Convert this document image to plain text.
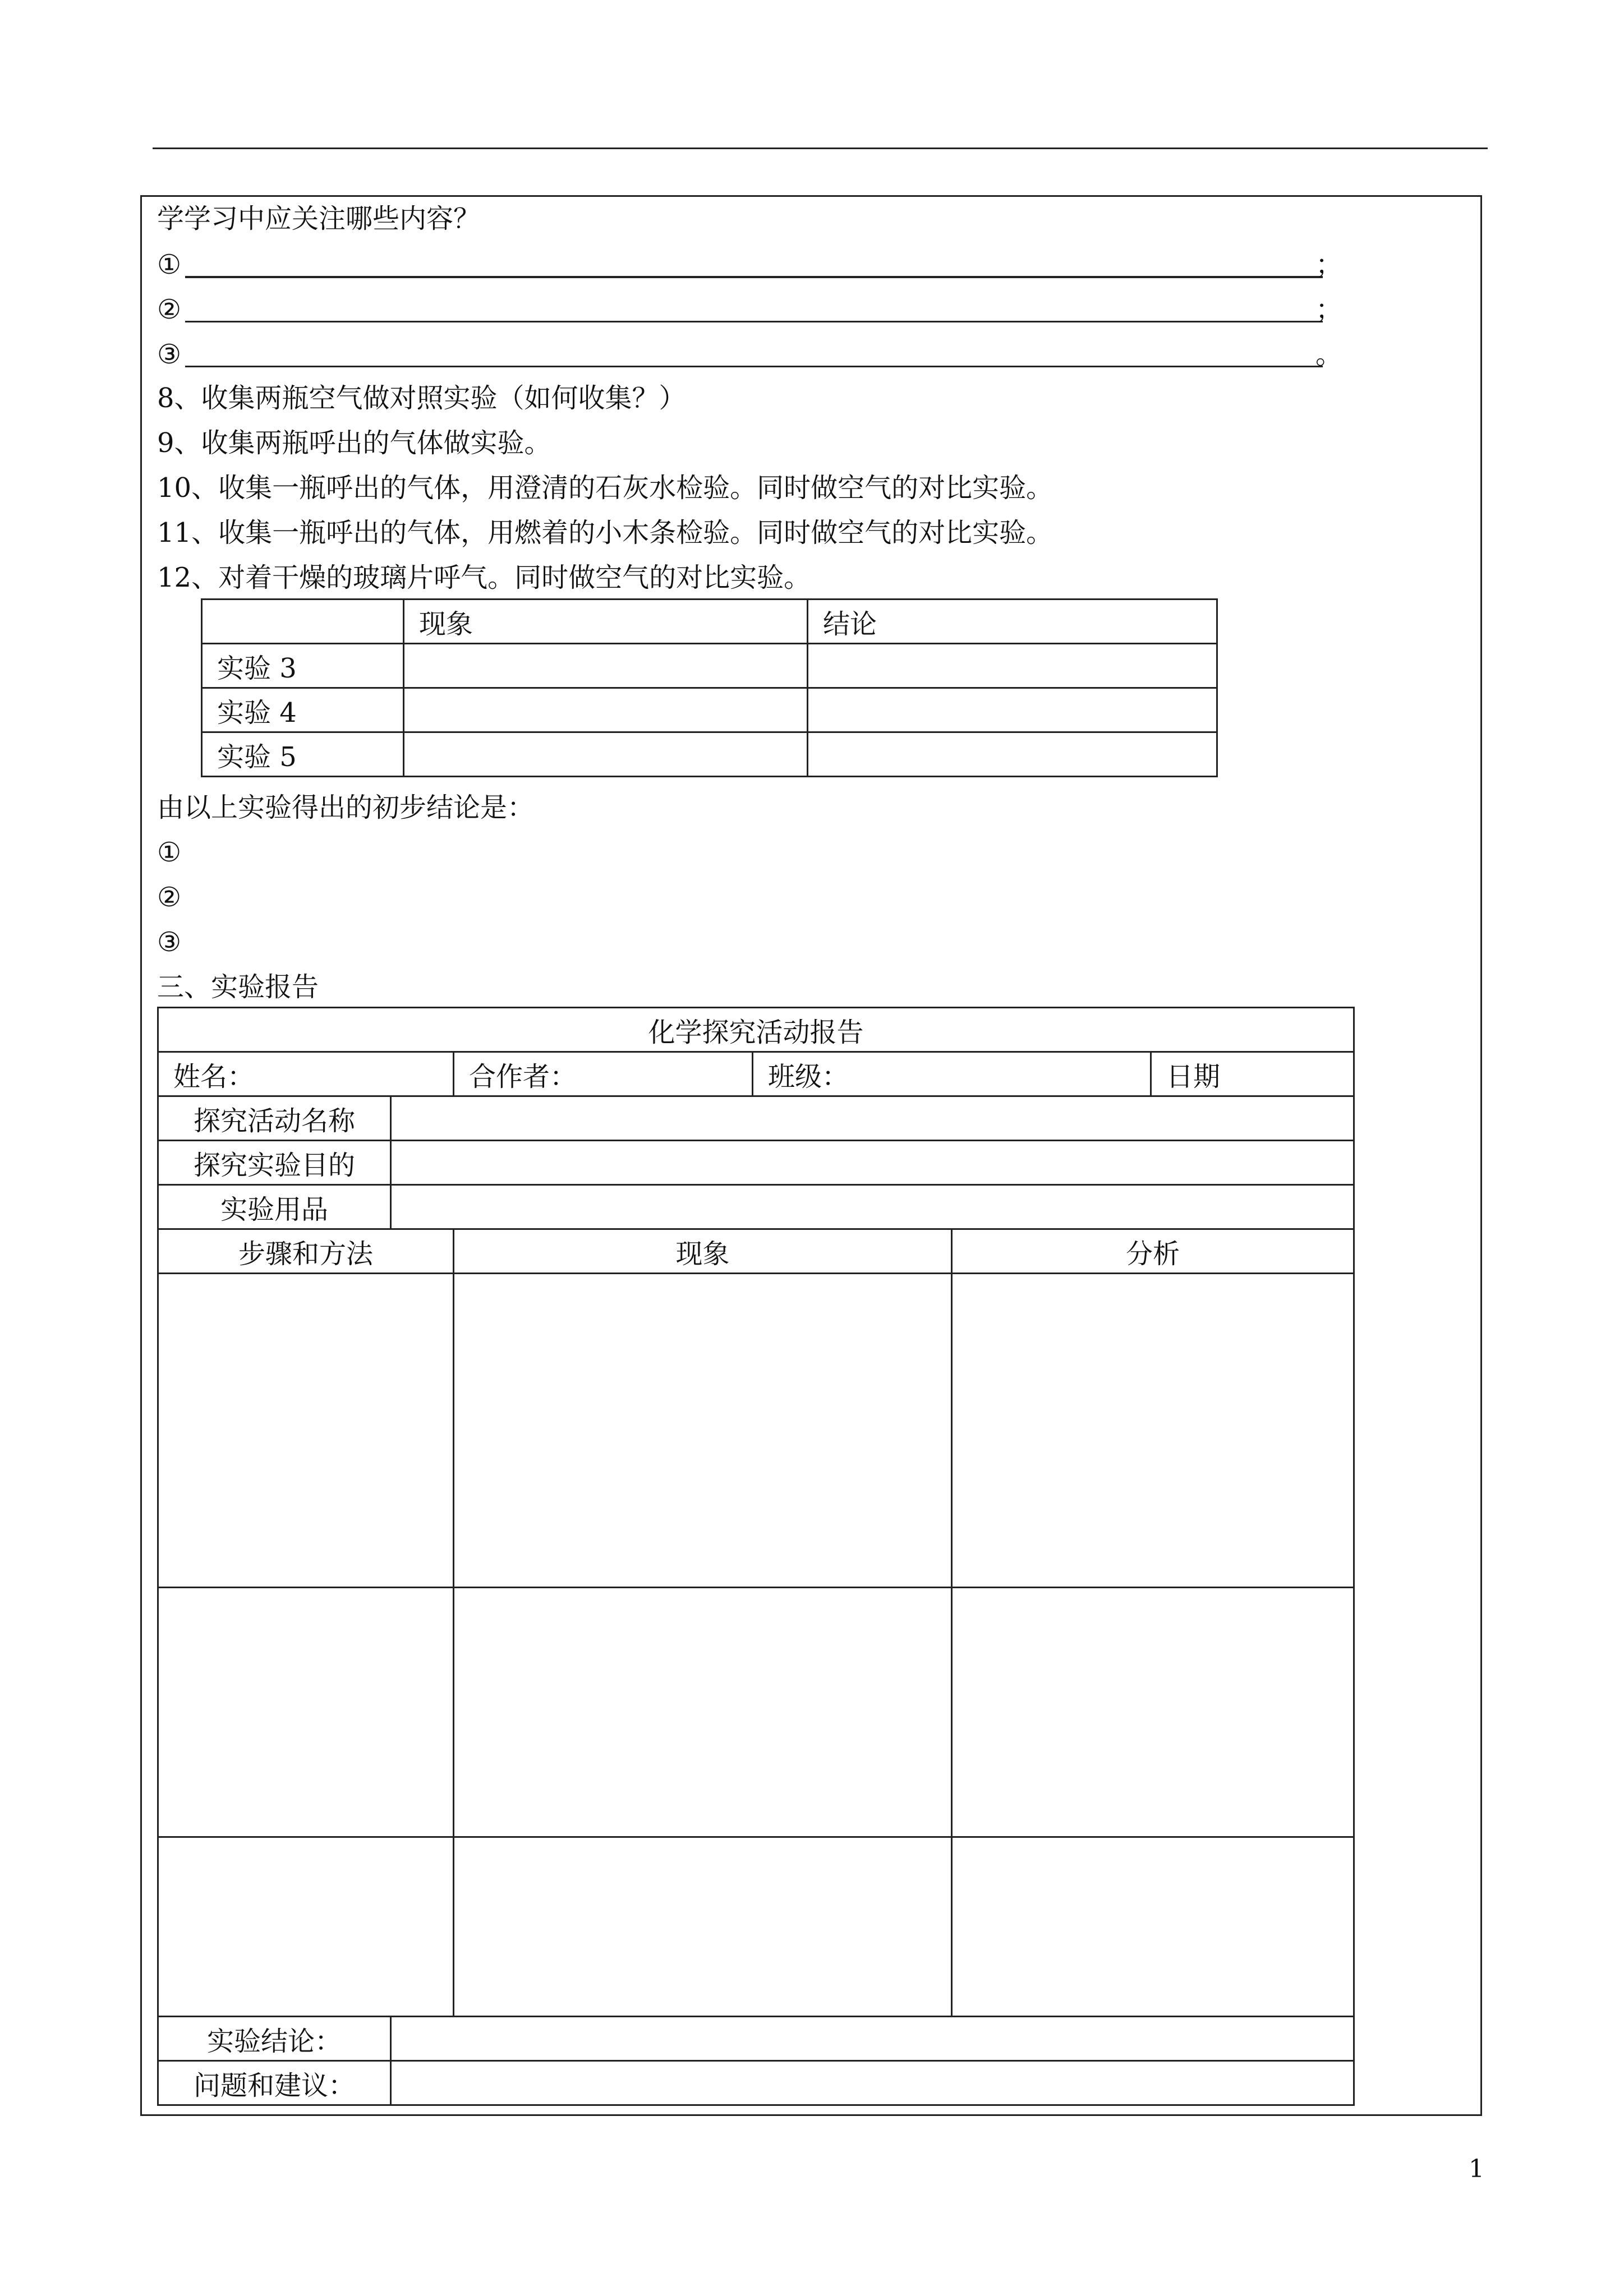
学学习中应关注哪些内容？
①	；
②	；
③	。
8、收集两瓶空气做对照实验（如何收集？）
9、收集两瓶呼出的气体做实验。
10、收集一瓶呼出的气体，用澄清的石灰水检验。同时做空气的对比实验。
11、收集一瓶呼出的气体，用燃着的小木条检验。同时做空气的对比实验。
12、对着干燥的玻璃片呼气。同时做空气的对比实验。
	现象	结论
实验 3		
实验 4		
实验 5		
由以上实验得出的初步结论是：
①
②
③
三、实验报告
化学探究活动报告					
姓名：		合作者：	班级：		日期
探究活动名称					
探究实验目的					
实验用品					
步骤和方法		现象		分析	

实验结论：					
问题和建议：					
1
